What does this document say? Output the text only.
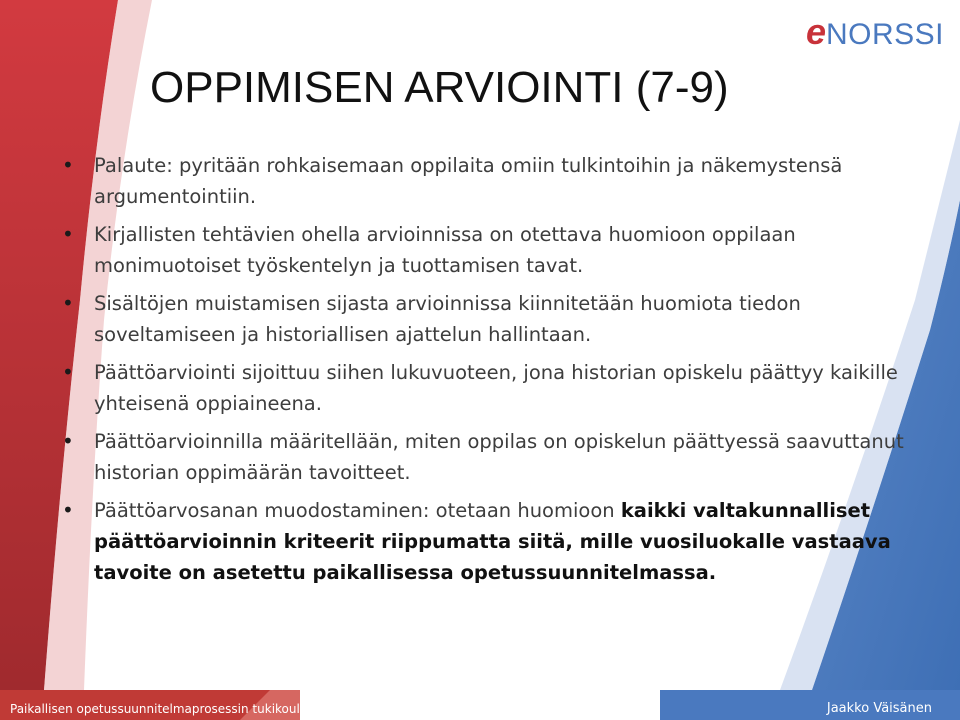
eNORSSI
OPPIMISEN ARVIOINTI (7-9)
• Palaute: pyritään rohkaisemaan oppilaita omiin tulkintoihin ja näkemystensä argumentointiin.
• Kirjallisten tehtävien ohella arvioinnissa on otettava huomioon oppilaan monimuotoiset työskentelyn ja tuottamisen tavat.
• Sisältöjen muistamisen sijasta arvioinnissa kiinnitetään huomiota tiedon soveltamiseen ja historiallisen ajattelun hallintaan.
• Päättöarviointi sijoittuu siihen lukuvuoteen, jona historian opiskelu päättyy kaikille yhteisenä oppiaineena.
• Päättöarvioinnilla määritellään, miten oppilas on opiskelun päättyessä saavuttanut historian oppimäärän tavoitteet.
• Päättöarvosanan muodostaminen: otetaan huomioon kaikki valtakunnalliset päättöarvioinnin kriteerit riippumatta siitä, mille vuosiluokalle vastaava tavoite on asetettu paikallisessa opetussuunnitelmassa.
Paikallisen opetussuunnitelmaprosessin tukikoulutus	Jaakko Väisänen
